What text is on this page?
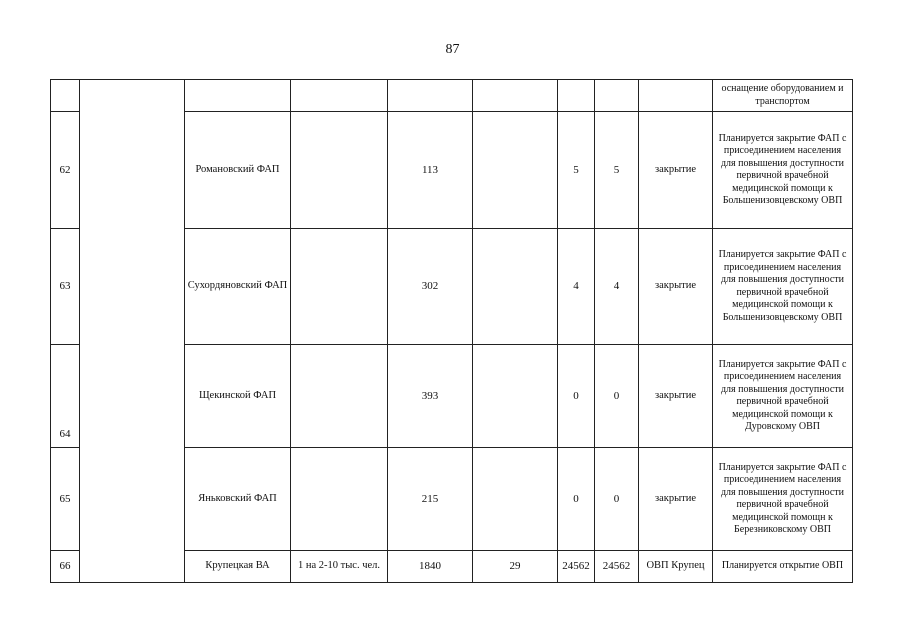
87
									оснащение оборудованием и транспортом
62		Романовский ФАП		113		5	5	закрытие	Планируется закрытие ФАП с присоединением населения для повышения доступности первичной врачебной медицинской помощи к Большенизовцевскому ОВП
63		Сухордяновский ФАП		302		4	4	закрытие	Планируется закрытие ФАП с присоединением населения для повышения доступности первичной врачебной медицинской помощи к Большенизовцевскому ОВП
64		Щекинской ФАП		393		0	0	закрытие	Планируется закрытие ФАП с присоединением населения для повышения доступности первичной врачебной медицинской помощи к Дуровскому ОВП
65		Яньковский ФАП		215		0	0	закрытие	Планируется закрытие ФАП с присоединением населения для повышения доступности первичной врачебной медицинской помощн к Березниковскому ОВП
66		Крупецкая ВА	1 на 2-10 тыс. чел.	1840	29	24562	24562	ОВП Крупец	Планируется открытие ОВП
